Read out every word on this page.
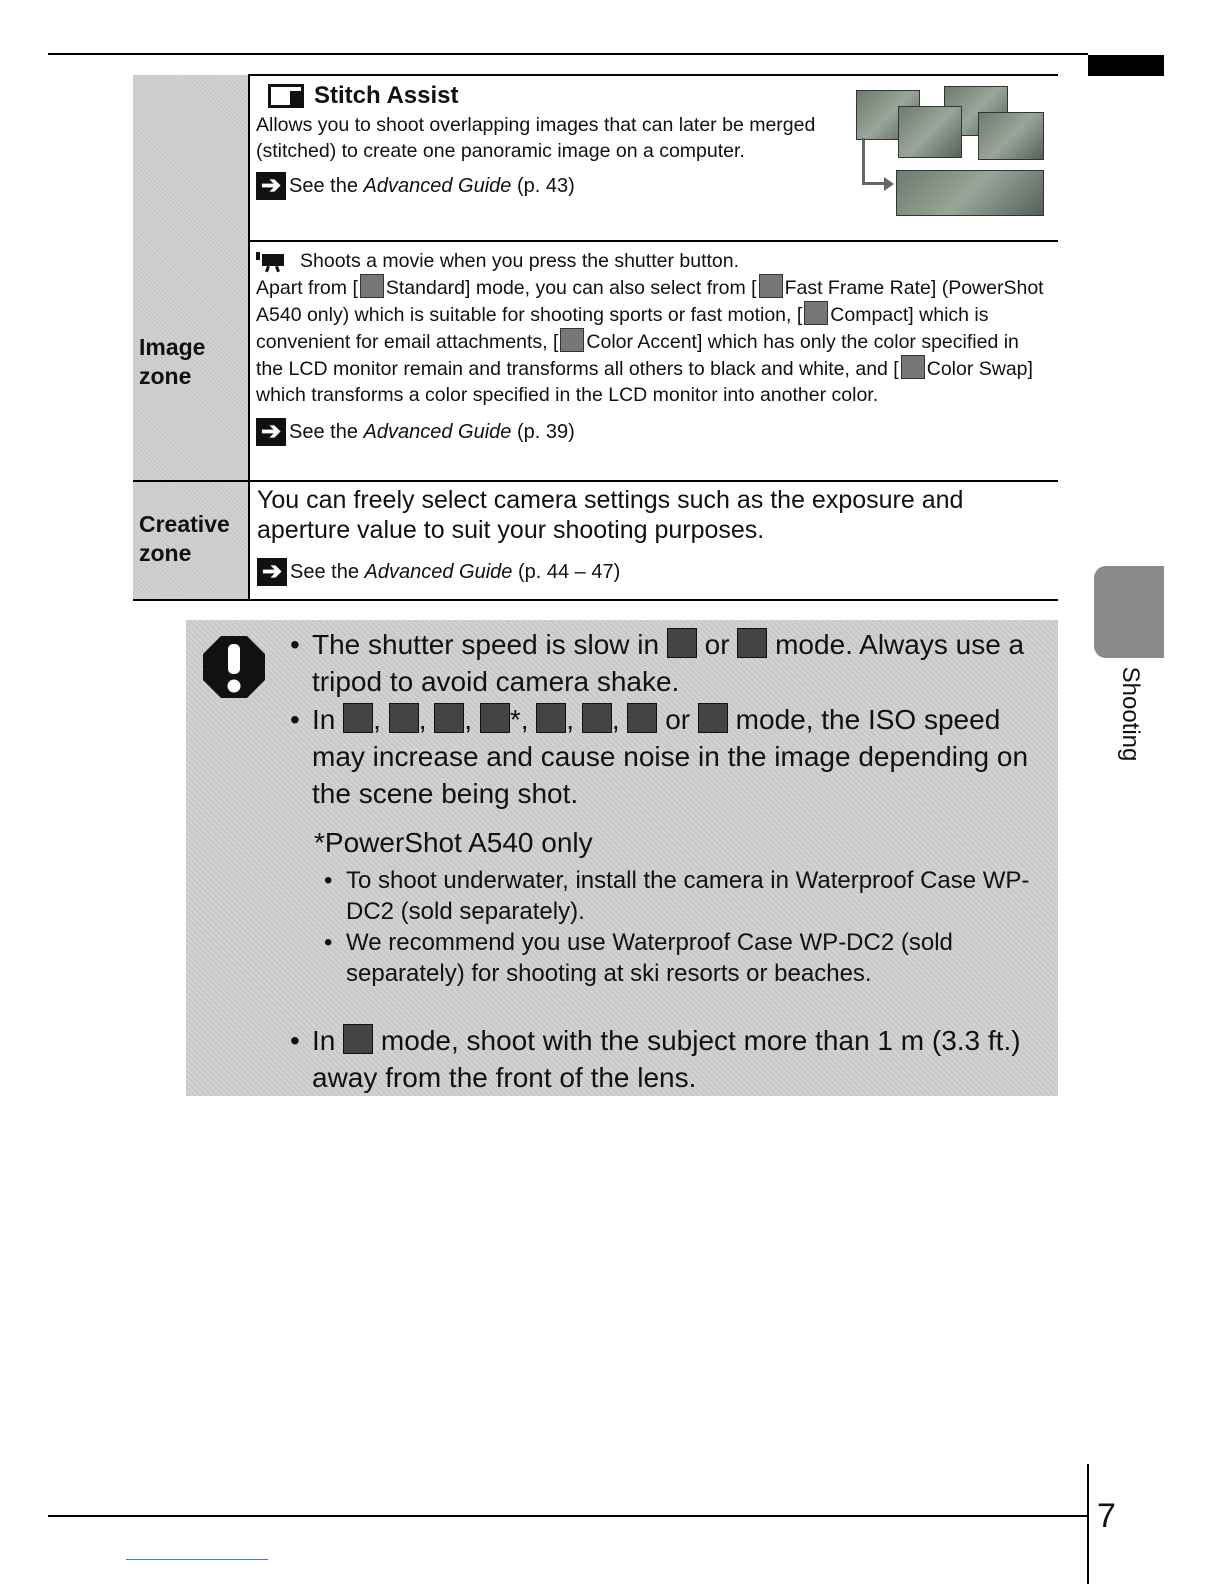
Image zone
Creative zone
Stitch Assist
Allows you to shoot overlapping images that can later be merged (stitched) to create one panoramic image on a computer.
➔ See the Advanced Guide (p. 43)
Shoots a movie when you press the shutter button.
Apart from [ Standard] mode, you can also select from [ Fast Frame Rate] (PowerShot A540 only) which is suitable for shooting sports or fast motion, [ Compact] which is convenient for email attachments, [ Color Accent] which has only the color specified in the LCD monitor remain and transforms all others to black and white, and [ Color Swap] which transforms a color specified in the LCD monitor into another color.
➔ See the Advanced Guide (p. 39)
You can freely select camera settings such as the exposure and aperture value to suit your shooting purposes.
➔ See the Advanced Guide (p. 44 – 47)
• The shutter speed is slow in or mode. Always use a tripod to avoid camera shake.
• In , , , *, , ,  or mode, the ISO speed may increase and cause noise in the image depending on the scene being shot.
*PowerShot A540 only
• To shoot underwater, install the camera in Waterproof Case WP-DC2 (sold separately).
• We recommend you use Waterproof Case WP-DC2 (sold separately) for shooting at ski resorts or beaches.
• In mode, shoot with the subject more than 1 m (3.3 ft.) away from the front of the lens.
Shooting
7
